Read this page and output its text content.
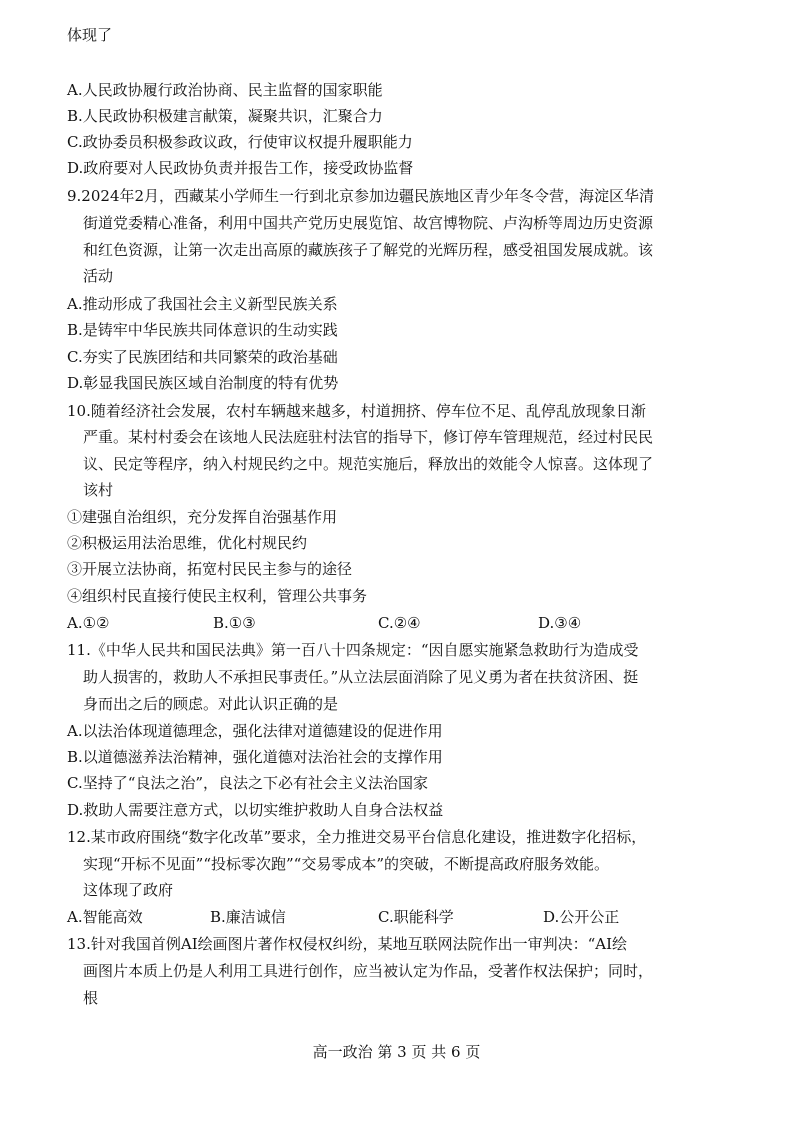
体现了
A.人民政协履行政治协商、民主监督的国家职能
B.人民政协积极建言献策，凝聚共识，汇聚合力
C.政协委员积极参政议政，行使审议权提升履职能力
D.政府要对人民政协负责并报告工作，接受政协监督
9.2024年2月，西藏某小学师生一行到北京参加边疆民族地区青少年冬令营，海淀区华清
街道党委精心准备，利用中国共产党历史展览馆、故宫博物院、卢沟桥等周边历史资源
和红色资源，让第一次走出高原的藏族孩子了解党的光辉历程，感受祖国发展成就。该
活动
A.推动形成了我国社会主义新型民族关系
B.是铸牢中华民族共同体意识的生动实践
C.夯实了民族团结和共同繁荣的政治基础
D.彰显我国民族区域自治制度的特有优势
10.随着经济社会发展，农村车辆越来越多，村道拥挤、停车位不足、乱停乱放现象日渐
严重。某村村委会在该地人民法庭驻村法官的指导下，修订停车管理规范，经过村民民
议、民定等程序，纳入村规民约之中。规范实施后，释放出的效能令人惊喜。这体现了
该村
①建强自治组织，充分发挥自治强基作用
②积极运用法治思维，优化村规民约
③开展立法协商，拓宽村民民主参与的途径
④组织村民直接行使民主权利，管理公共事务
A.①②	B.①③	C.②④	D.③④
11.《中华人民共和国民法典》第一百八十四条规定：“因自愿实施紧急救助行为造成受
助人损害的，救助人不承担民事责任。”从立法层面消除了见义勇为者在扶贫济困、挺
身而出之后的顾虑。对此认识正确的是
A.以法治体现道德理念，强化法律对道德建设的促进作用
B.以道德滋养法治精神，强化道德对法治社会的支撑作用
C.坚持了“良法之治”，良法之下必有社会主义法治国家
D.救助人需要注意方式，以切实维护救助人自身合法权益
12.某市政府围绕“数字化改革”要求，全力推进交易平台信息化建设，推进数字化招标，
实现“开标不见面”“投标零次跑”“交易零成本”的突破，不断提高政府服务效能。
这体现了政府
A.智能高效	B.廉洁诚信	C.职能科学	D.公开公正
13.针对我国首例AI绘画图片著作权侵权纠纷，某地互联网法院作出一审判决：“AI绘
画图片本质上仍是人利用工具进行创作，应当被认定为作品，受著作权法保护；同时，
根
高一政治 第 3 页 共 6 页
